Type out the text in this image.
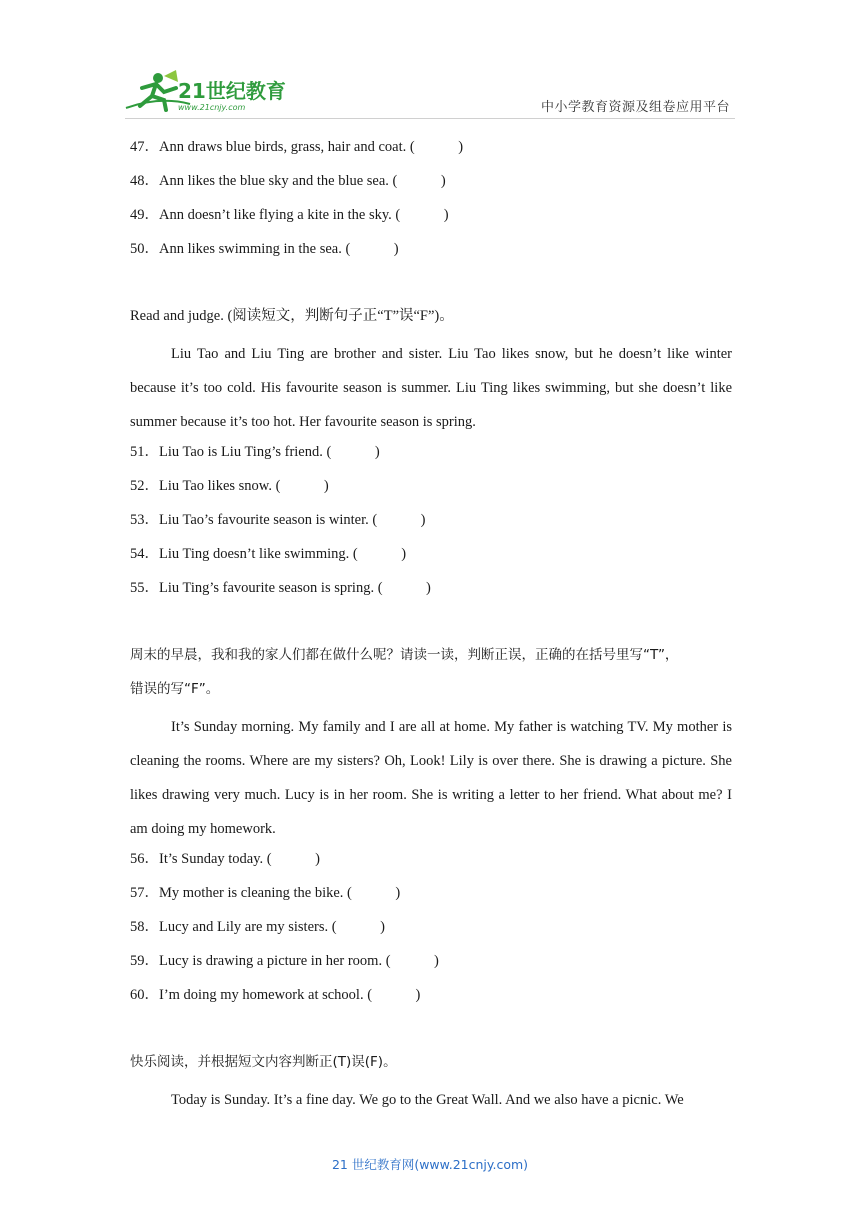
21世纪教育
www.21cnjy.com	中小学教育资源及组卷应用平台
47．Ann draws blue birds, grass, hair and coat. (　　　)
48．Ann likes the blue sky and the blue sea. (　　　)
49．Ann doesn’t like flying a kite in the sky. (　　　)
50．Ann likes swimming in the sea. (　　　)
Read and judge. (阅读短文，判断句子正“T”误“F”)。
Liu Tao and Liu Ting are brother and sister. Liu Tao likes snow, but he doesn’t like winter because it’s too cold. His favourite season is summer. Liu Ting likes swimming, but she doesn’t like summer because it’s too hot. Her favourite season is spring.
51．Liu Tao is Liu Ting’s friend. (　　　)
52．Liu Tao likes snow. (　　　)
53．Liu Tao’s favourite season is winter. (　　　)
54．Liu Ting doesn’t like swimming. (　　　)
55．Liu Ting’s favourite season is spring. (　　　)
周末的早晨，我和我的家人们都在做什么呢？请读一读，判断正误，正确的在括号里写“T”，
错误的写“F”。
It’s Sunday morning. My family and I are all at home. My father is watching TV. My mother is cleaning the rooms. Where are my sisters? Oh, Look! Lily is over there. She is drawing a picture. She likes drawing very much. Lucy is in her room. She is writing a letter to her friend. What about me? I am doing my homework.
56．It’s Sunday today. (　　　)
57．My mother is cleaning the bike. (　　　)
58．Lucy and Lily are my sisters. (　　　)
59．Lucy is drawing a picture in her room. (　　　)
60．I’m doing my homework at school. (　　　)
快乐阅读，并根据短文内容判断正(T)误(F)。
Today is Sunday. It’s a fine day. We go to the Great Wall. And we also have a picnic. We
21 世纪教育网(www.21cnjy.com)
